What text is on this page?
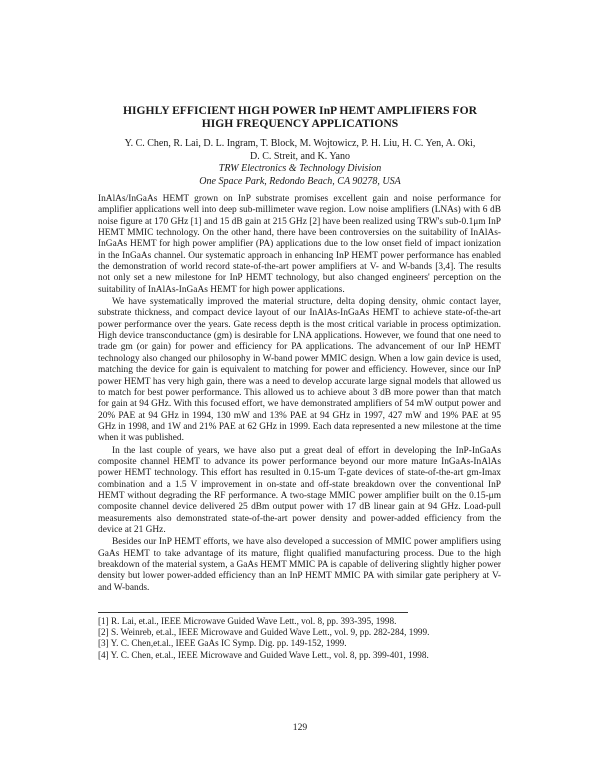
HIGHLY EFFICIENT HIGH POWER InP HEMT AMPLIFIERS FOR
HIGH FREQUENCY APPLICATIONS
Y. C. Chen, R. Lai, D. L. Ingram, T. Block, M. Wojtowicz, P. H. Liu, H. C. Yen, A. Oki,
D. C. Streit, and K. Yano
TRW Electronics & Technology Division
One Space Park, Redondo Beach, CA 90278, USA

InAlAs/InGaAs HEMT grown on InP substrate promises excellent gain and noise performance for amplifier applications well into deep sub-millimeter wave region. Low noise amplifiers (LNAs) with 6 dB noise figure at 170 GHz [1] and 15 dB gain at 215 GHz [2] have been realized using TRW's sub-0.1μm InP HEMT MMIC technology. On the other hand, there have been controversies on the suitability of InAlAs-InGaAs HEMT for high power amplifier (PA) applications due to the low onset field of impact ionization in the InGaAs channel. Our systematic approach in enhancing InP HEMT power performance has enabled the demonstration of world record state-of-the-art power amplifiers at V- and W-bands [3,4]. The results not only set a new milestone for InP HEMT technology, but also changed engineers' perception on the suitability of InAlAs-InGaAs HEMT for high power applications.

We have systematically improved the material structure, delta doping density, ohmic contact layer, substrate thickness, and compact device layout of our InAlAs-InGaAs HEMT to achieve state-of-the-art power performance over the years. Gate recess depth is the most critical variable in process optimization. High device transconductance (gm) is desirable for LNA applications. However, we found that one need to trade gm (or gain) for power and efficiency for PA applications. The advancement of our InP HEMT technology also changed our philosophy in W-band power MMIC design. When a low gain device is used, matching the device for gain is equivalent to matching for power and efficiency. However, since our InP power HEMT has very high gain, there was a need to develop accurate large signal models that allowed us to match for best power performance. This allowed us to achieve about 3 dB more power than that match for gain at 94 GHz. With this focused effort, we have demonstrated amplifiers of 54 mW output power and 20% PAE at 94 GHz in 1994, 130 mW and 13% PAE at 94 GHz in 1997, 427 mW and 19% PAE at 95 GHz in 1998, and 1W and 21% PAE at 62 GHz in 1999. Each data represented a new milestone at the time when it was published.

In the last couple of years, we have also put a great deal of effort in developing the InP-InGaAs composite channel HEMT to advance its power performance beyond our more mature InGaAs-InAlAs power HEMT technology. This effort has resulted in 0.15-um T-gate devices of state-of-the-art gm-Imax combination and a 1.5 V improvement in on-state and off-state breakdown over the conventional InP HEMT without degrading the RF performance. A two-stage MMIC power amplifier built on the 0.15-μm composite channel device delivered 25 dBm output power with 17 dB linear gain at 94 GHz. Load-pull measurements also demonstrated state-of-the-art power density and power-added efficiency from the device at 21 GHz.

Besides our InP HEMT efforts, we have also developed a succession of MMIC power amplifiers using GaAs HEMT to take advantage of its mature, flight qualified manufacturing process. Due to the high breakdown of the material system, a GaAs HEMT MMIC PA is capable of delivering slightly higher power density but lower power-added efficiency than an InP HEMT MMIC PA with similar gate periphery at V- and W-bands.

[1] R. Lai, et.al., IEEE Microwave Guided Wave Lett., vol. 8, pp. 393-395, 1998.
[2] S. Weinreb, et.al., IEEE Microwave and Guided Wave Lett., vol. 9, pp. 282-284, 1999.
[3] Y. C. Chen,et.al., IEEE GaAs IC Symp. Dig. pp. 149-152, 1999.
[4] Y. C. Chen, et.al., IEEE Microwave and Guided Wave Lett., vol. 8, pp. 399-401, 1998.
129
